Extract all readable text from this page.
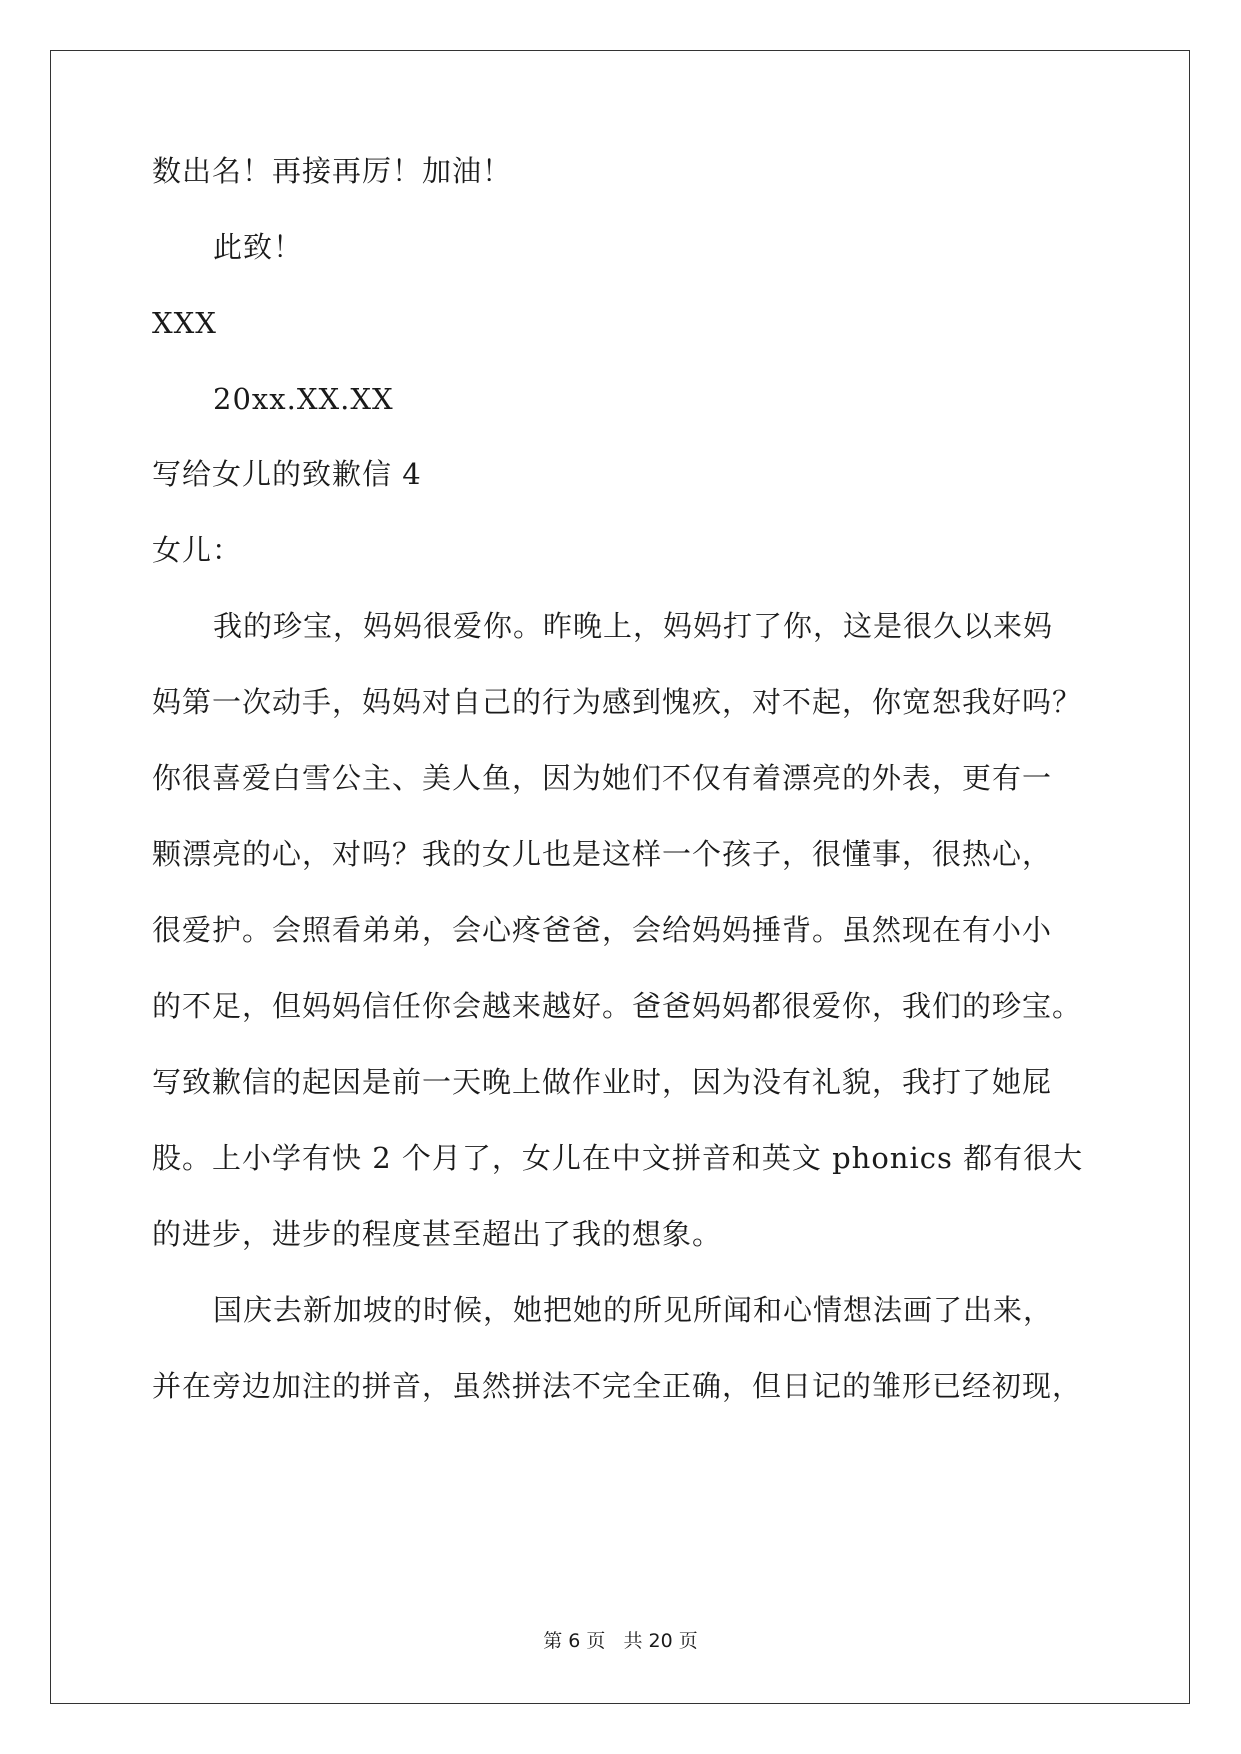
数出名！再接再厉！加油！
此致！
XXX
20xx.XX.XX
写给女儿的致歉信 4
女儿：
我的珍宝，妈妈很爱你。昨晚上，妈妈打了你，这是很久以来妈
妈第一次动手，妈妈对自己的行为感到愧疚，对不起，你宽恕我好吗？
你很喜爱白雪公主、美人鱼，因为她们不仅有着漂亮的外表，更有一
颗漂亮的心，对吗？我的女儿也是这样一个孩子，很懂事，很热心，
很爱护。会照看弟弟，会心疼爸爸，会给妈妈捶背。虽然现在有小小
的不足，但妈妈信任你会越来越好。爸爸妈妈都很爱你，我们的珍宝。
写致歉信的起因是前一天晚上做作业时，因为没有礼貌，我打了她屁
股。上小学有快 2 个月了，女儿在中文拼音和英文 phonics 都有很大
的进步，进步的程度甚至超出了我的想象。
国庆去新加坡的时候，她把她的所见所闻和心情想法画了出来，
并在旁边加注的拼音，虽然拼法不完全正确，但日记的雏形已经初现，
第 6 页 共 20 页
